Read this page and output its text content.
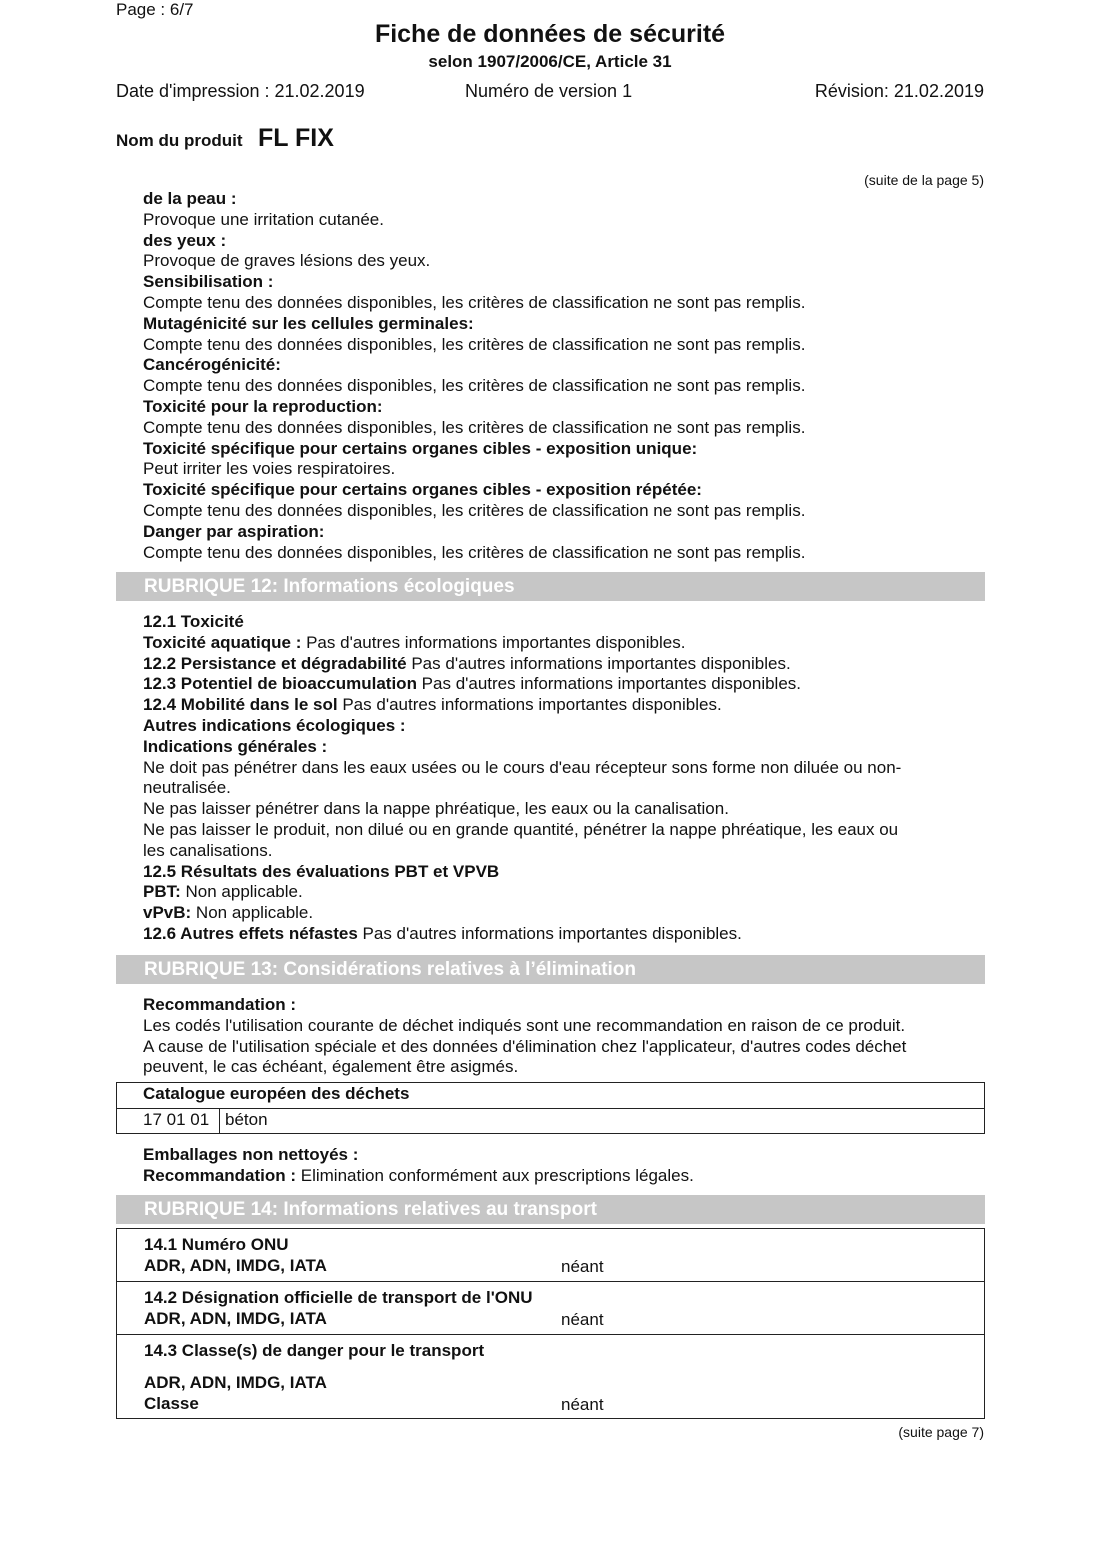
Page : 6/7
Fiche de données de sécurité
selon 1907/2006/CE, Article 31
Date d'impression : 21.02.2019	Numéro de version 1	Révision: 21.02.2019
Nom du produit FL FIX
(suite de la page 5)
de la peau :
Provoque une irritation cutanée.
des yeux :
Provoque de graves lésions des yeux.
Sensibilisation :
Compte tenu des données disponibles, les critères de classification ne sont pas remplis.
Mutagénicité sur les cellules germinales:
Compte tenu des données disponibles, les critères de classification ne sont pas remplis.
Cancérogénicité:
Compte tenu des données disponibles, les critères de classification ne sont pas remplis.
Toxicité pour la reproduction:
Compte tenu des données disponibles, les critères de classification ne sont pas remplis.
Toxicité spécifique pour certains organes cibles - exposition unique:
Peut irriter les voies respiratoires.
Toxicité spécifique pour certains organes cibles - exposition répétée:
Compte tenu des données disponibles, les critères de classification ne sont pas remplis.
Danger par aspiration:
Compte tenu des données disponibles, les critères de classification ne sont pas remplis.
RUBRIQUE 12: Informations écologiques
12.1 Toxicité
Toxicité aquatique : Pas d'autres informations importantes disponibles.
12.2 Persistance et dégradabilité Pas d'autres informations importantes disponibles.
12.3 Potentiel de bioaccumulation Pas d'autres informations importantes disponibles.
12.4 Mobilité dans le sol Pas d'autres informations importantes disponibles.
Autres indications écologiques :
Indications générales :
Ne doit pas pénétrer dans les eaux usées ou le cours d'eau récepteur sons forme non diluée ou non-
neutralisée.
Ne pas laisser pénétrer dans la nappe phréatique, les eaux ou la canalisation.
Ne pas laisser le produit, non dilué ou en grande quantité, pénétrer la nappe phréatique, les eaux ou
les canalisations.
12.5 Résultats des évaluations PBT et VPVB
PBT: Non applicable.
vPvB: Non applicable.
12.6 Autres effets néfastes Pas d'autres informations importantes disponibles.
RUBRIQUE 13: Considérations relatives à l’élimination
Recommandation :
Les codés l'utilisation courante de déchet indiqués sont une recommandation en raison de ce produit.
A cause de l'utilisation spéciale et des données d'élimination chez l'applicateur, d'autres codes déchet
peuvent, le cas échéant, également être asigmés.
Catalogue européen des déchets
17 01 01 béton
Emballages non nettoyés :
Recommandation : Elimination conformément aux prescriptions légales.
RUBRIQUE 14: Informations relatives au transport
14.1 Numéro ONU
ADR, ADN, IMDG, IATA	néant
14.2 Désignation officielle de transport de l'ONU
ADR, ADN, IMDG, IATA	néant
14.3 Classe(s) de danger pour le transport
ADR, ADN, IMDG, IATA
Classe	néant
(suite page 7)
